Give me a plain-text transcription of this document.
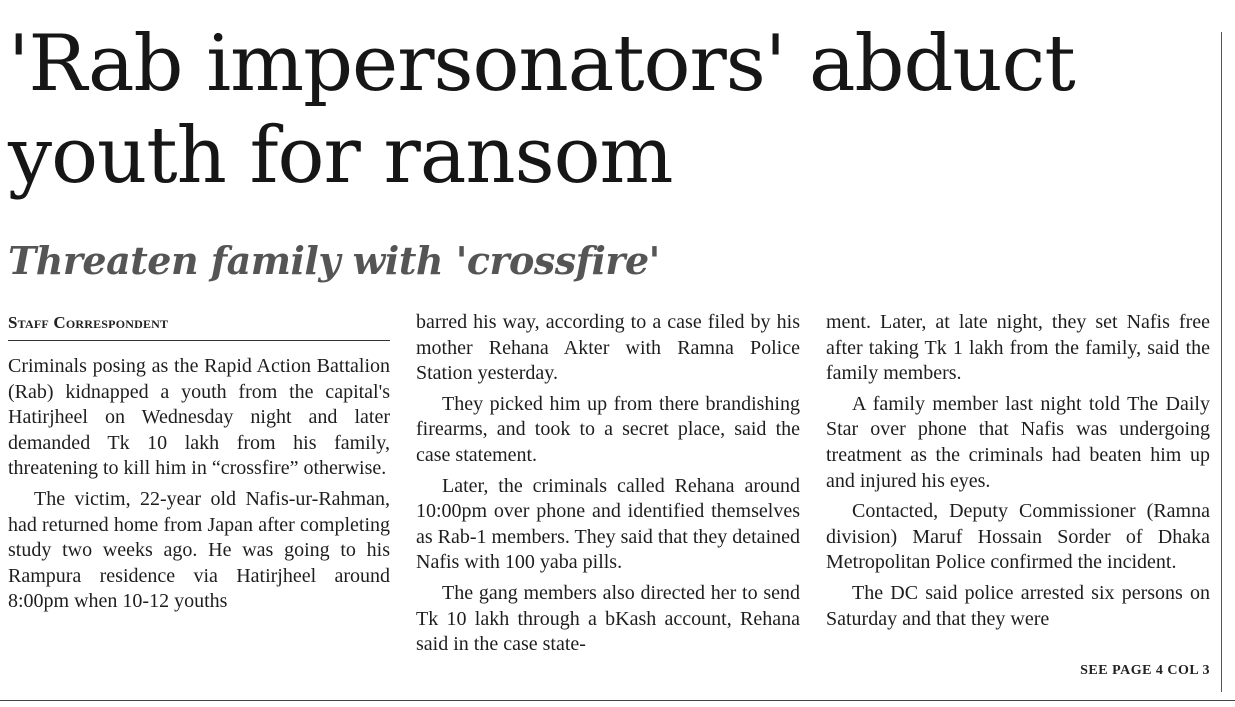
'Rab impersonators' abduct youth for ransom
Threaten family with 'crossfire'
Staff Correspondent

Criminals posing as the Rapid Action Battalion (Rab) kidnapped a youth from the capital's Hatirjheel on Wednesday night and later demanded Tk 10 lakh from his family, threatening to kill him in “crossfire” otherwise.

The victim, 22-year old Nafis-ur-Rahman, had returned home from Japan after completing study two weeks ago. He was going to his Rampura residence via Hatirjheel around 8:00pm when 10-12 youths

barred his way, according to a case filed by his mother Rehana Akter with Ramna Police Station yesterday.

They picked him up from there brandishing firearms, and took to a secret place, said the case statement.

Later, the criminals called Rehana around 10:00pm over phone and identified themselves as Rab-1 members. They said that they detained Nafis with 100 yaba pills.

The gang members also directed her to send Tk 10 lakh through a bKash account, Rehana said in the case state-

ment. Later, at late night, they set Nafis free after taking Tk 1 lakh from the family, said the family members.

A family member last night told The Daily Star over phone that Nafis was undergoing treatment as the criminals had beaten him up and injured his eyes.

Contacted, Deputy Commissioner (Ramna division) Maruf Hossain Sorder of Dhaka Metropolitan Police confirmed the incident.

The DC said police arrested six persons on Saturday and that they were

SEE PAGE 4 COL 3
